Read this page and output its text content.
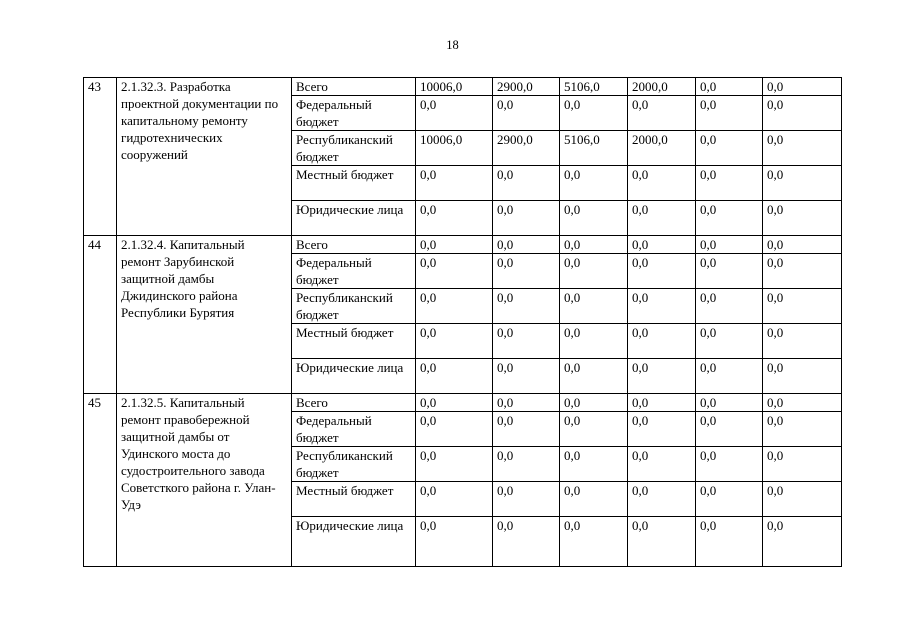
18
43	2.1.32.3. Разработка проектной документации по капитальному ремонту гидротехнических сооружений	Всего	10006,0	2900,0	5106,0	2000,0	0,0	0,0
		Федеральный бюджет	0,0	0,0	0,0	0,0	0,0	0,0
		Республиканский бюджет	10006,0	2900,0	5106,0	2000,0	0,0	0,0
		Местный бюджет	0,0	0,0	0,0	0,0	0,0	0,0
		Юридические лица	0,0	0,0	0,0	0,0	0,0	0,0
44	2.1.32.4. Капитальный ремонт Зарубинской защитной дамбы Джидинского района Республики Бурятия	Всего	0,0	0,0	0,0	0,0	0,0	0,0
		Федеральный бюджет	0,0	0,0	0,0	0,0	0,0	0,0
		Республиканский бюджет	0,0	0,0	0,0	0,0	0,0	0,0
		Местный бюджет	0,0	0,0	0,0	0,0	0,0	0,0
		Юридические лица	0,0	0,0	0,0	0,0	0,0	0,0
45	2.1.32.5. Капитальный ремонт правобережной защитной дамбы от Удинского моста до судостроительного завода Советсткого района г. Улан-Удэ	Всего	0,0	0,0	0,0	0,0	0,0	0,0
		Федеральный бюджет	0,0	0,0	0,0	0,0	0,0	0,0
		Республиканский бюджет	0,0	0,0	0,0	0,0	0,0	0,0
		Местный бюджет	0,0	0,0	0,0	0,0	0,0	0,0
		Юридические лица	0,0	0,0	0,0	0,0	0,0	0,0
